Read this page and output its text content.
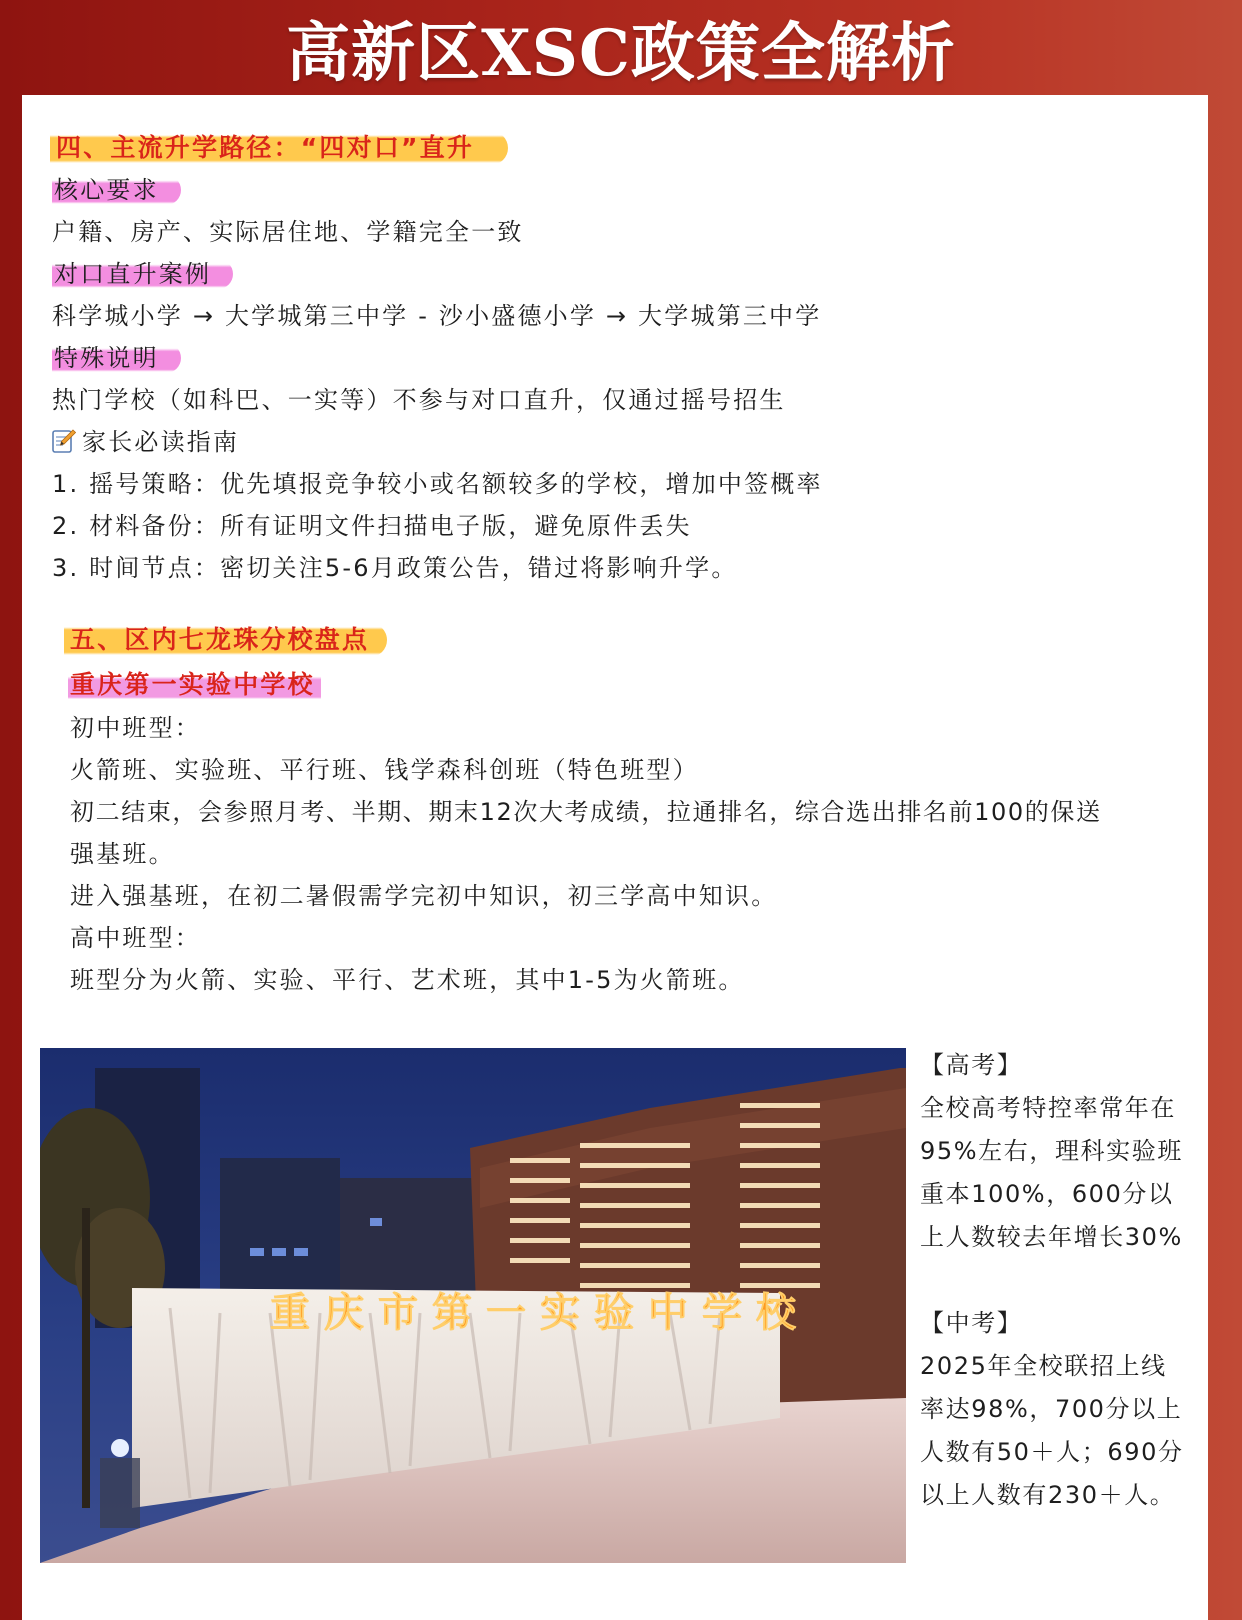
高新区XSC政策全解析
四、主流升学路径：“四对口”直升
核心要求
户籍、房产、实际居住地、学籍完全一致
对口直升案例
科学城小学 → 大学城第三中学 - 沙小盛德小学 → 大学城第三中学
特殊说明
热门学校（如科巴、一实等）不参与对口直升，仅通过摇号招生
家长必读指南
1. 摇号策略：优先填报竞争较小或名额较多的学校，增加中签概率
2. 材料备份：所有证明文件扫描电子版，避免原件丢失
3. 时间节点：密切关注5-6月政策公告，错过将影响升学。
五、区内七龙珠分校盘点
重庆第一实验中学校
初中班型：
火箭班、实验班、平行班、钱学森科创班（特色班型）
初二结束，会参照月考、半期、期末12次大考成绩，拉通排名，综合选出排名前100的保送
强基班。
进入强基班，在初二暑假需学完初中知识，初三学高中知识。
高中班型：
班型分为火箭、实验、平行、艺术班，其中1-5为火箭班。
重庆市第一实验中学校
【高考】
全校高考特控率常年在
95%左右，理科实验班
重本100%，600分以
上人数较去年增长30%
【中考】
2025年全校联招上线
率达98%，700分以上
人数有50＋人；690分
以上人数有230＋人。
